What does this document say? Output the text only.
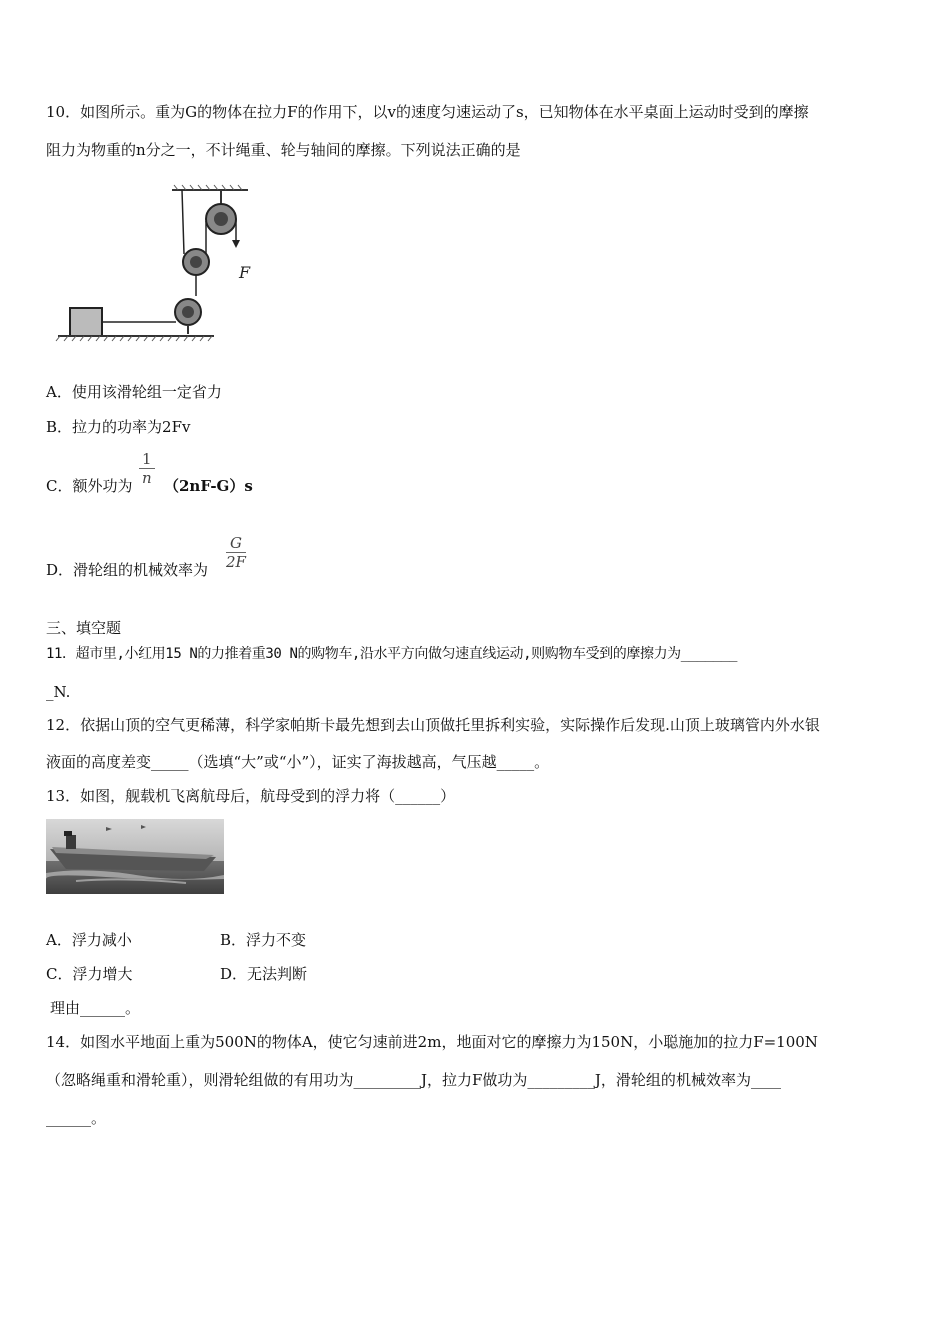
10．如图所示。重为G的物体在拉力F的作用下，以v的速度匀速运动了s，已知物体在水平桌面上运动时受到的摩擦
阻力为物重的n分之一，不计绳重、轮与轴间的摩擦。下列说法正确的是
F
A．使用该滑轮组一定省力
B．拉力的功率为2Fv
C．额外功为 $\frac{1}{n} (2nF-G)s$
D．滑轮组的机械效率为 $\frac{G}{2F}$
三、填空题
11．超市里,小红用15 N的力推着重30 N的购物车,沿水平方向做匀速直线运动,则购物车受到的摩擦力为_______
_N.
12．依据山顶的空气更稀薄，科学家帕斯卡最先想到去山顶做托里拆利实验，实际操作后发现.山顶上玻璃管内外水银
液面的高度差变_____（选填“大”或“小”），证实了海拔越高，气压越_____。
13．如图，舰载机飞离航母后，航母受到的浮力将（______）
A．浮力减小	B．浮力不变
C．浮力增大	D．无法判断
理由______。
14．如图水平地面上重为500N的物体A，使它匀速前进2m，地面对它的摩擦力为150N，小聪施加的拉力F=100N
（忽略绳重和滑轮重），则滑轮组做的有用功为_________J，拉力F做功为_________J，滑轮组的机械效率为____
______。
